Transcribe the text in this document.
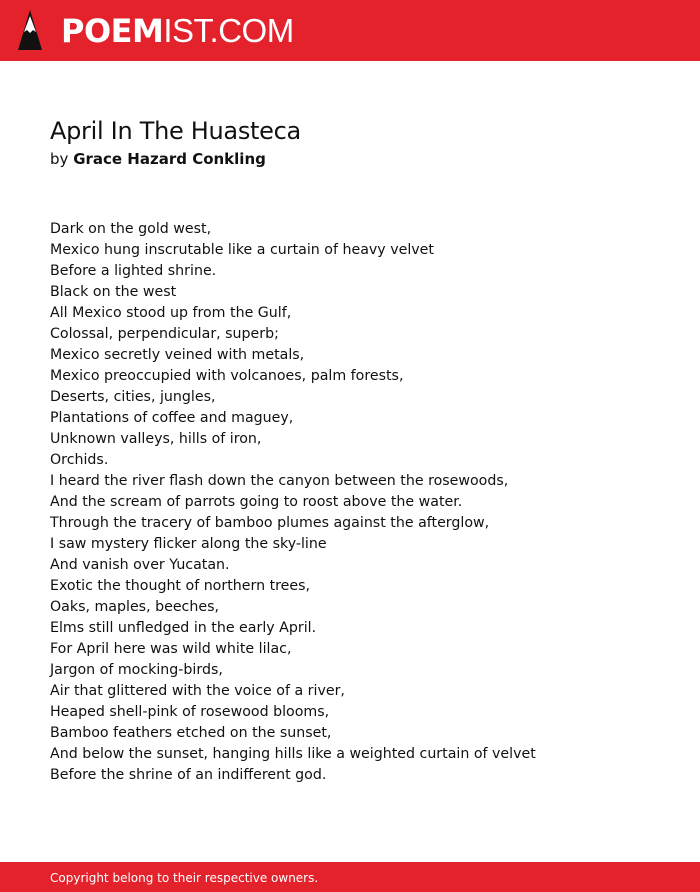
POEMIST.COM
April In The Huasteca
by Grace Hazard Conkling
Dark on the gold west,
Mexico hung inscrutable like a curtain of heavy velvet
Before a lighted shrine.
Black on the west
All Mexico stood up from the Gulf,
Colossal, perpendicular, superb;
Mexico secretly veined with metals,
Mexico preoccupied with volcanoes, palm forests,
Deserts, cities, jungles,
Plantations of coffee and maguey,
Unknown valleys, hills of iron,
Orchids.
I heard the river flash down the canyon between the rosewoods,
And the scream of parrots going to roost above the water.
Through the tracery of bamboo plumes against the afterglow,
I saw mystery flicker along the sky-line
And vanish over Yucatan.
Exotic the thought of northern trees,
Oaks, maples, beeches,
Elms still unfledged in the early April.
For April here was wild white lilac,
Jargon of mocking-birds,
Air that glittered with the voice of a river,
Heaped shell-pink of rosewood blooms,
Bamboo feathers etched on the sunset,
And below the sunset, hanging hills like a weighted curtain of velvet
Before the shrine of an indifferent god.
Copyright belong to their respective owners.
